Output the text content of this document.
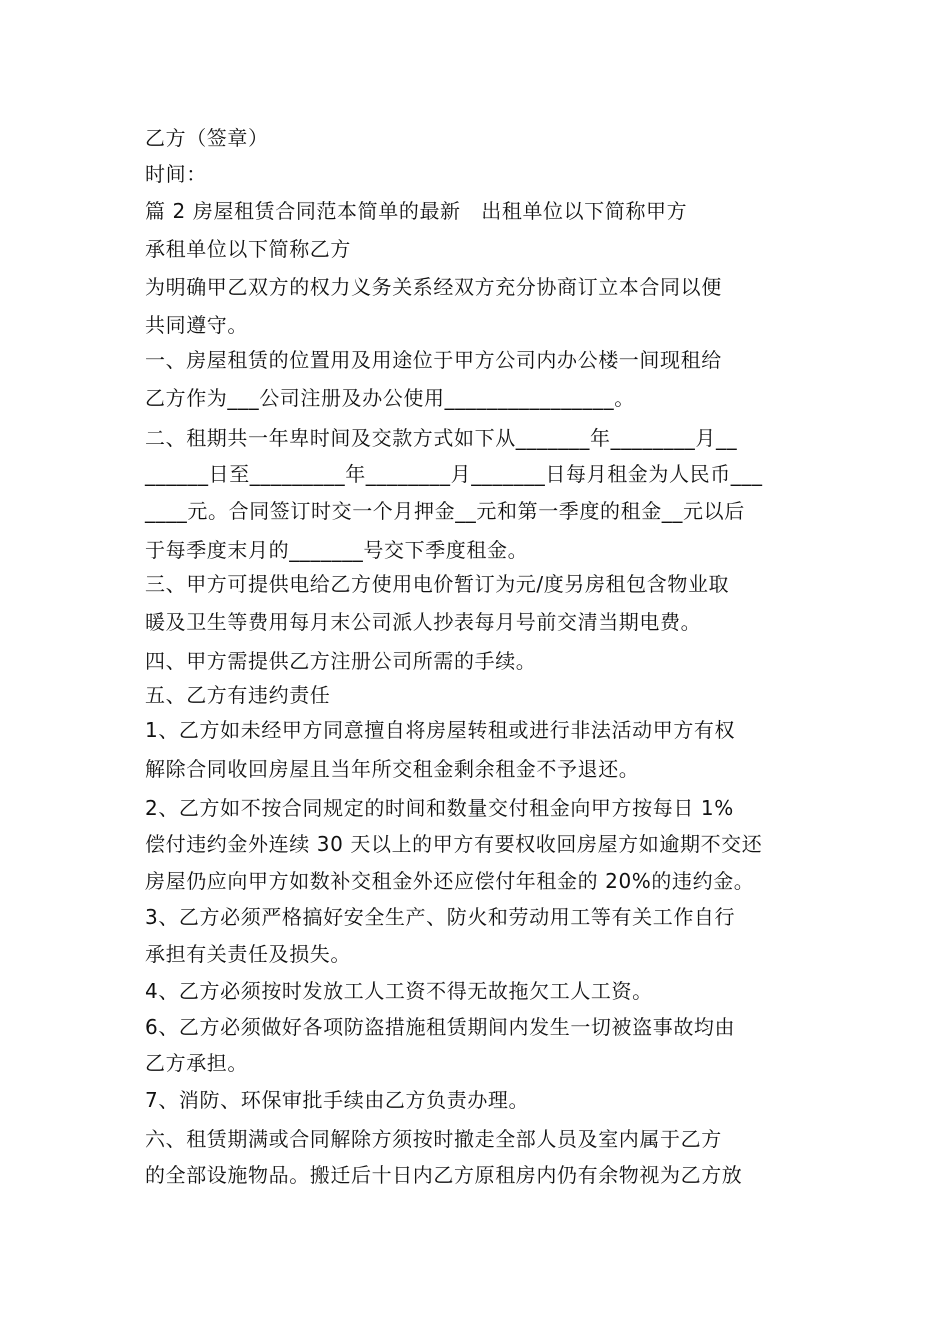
乙方（签章）
时间：
篇 2 房屋租赁合同范本简单的最新　出租单位以下简称甲方
承租单位以下简称乙方
为明确甲乙双方的权力义务关系经双方充分协商订立本合同以便
共同遵守。
一、房屋租赁的位置用及用途位于甲方公司内办公楼一间现租给
乙方作为___公司注册及办公使用________________。
二、租期共一年卑时间及交款方式如下从_______年________月__
______日至_________年________月_______日每月租金为人民币___
____元。合同签订时交一个月押金__元和第一季度的租金__元以后
于每季度末月的_______号交下季度租金。
三、甲方可提供电给乙方使用电价暂订为元/度另房租包含物业取
暖及卫生等费用每月末公司派人抄表每月号前交清当期电费。
四、甲方需提供乙方注册公司所需的手续。
五、乙方有违约责任
1、乙方如未经甲方同意擅自将房屋转租或进行非法活动甲方有权
解除合同收回房屋且当年所交租金剩余租金不予退还。
2、乙方如不按合同规定的时间和数量交付租金向甲方按每日 1%
偿付违约金外连续 30 天以上的甲方有要权收回房屋方如逾期不交还
房屋仍应向甲方如数补交租金外还应偿付年租金的 20%的违约金。
3、乙方必须严格搞好安全生产、防火和劳动用工等有关工作自行
承担有关责任及损失。
4、乙方必须按时发放工人工资不得无故拖欠工人工资。
6、乙方必须做好各项防盗措施租赁期间内发生一切被盗事故均由
乙方承担。
7、消防、环保审批手续由乙方负责办理。
六、租赁期满或合同解除方须按时撤走全部人员及室内属于乙方
的全部设施物品。搬迁后十日内乙方原租房内仍有余物视为乙方放
